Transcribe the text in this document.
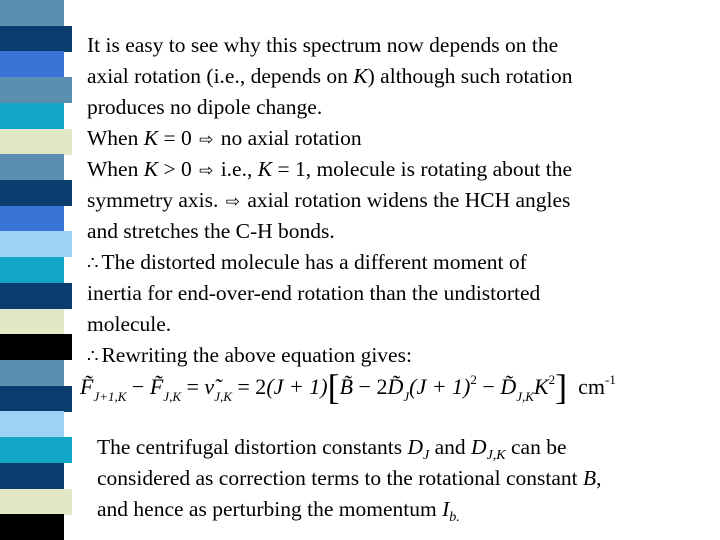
It is easy to see why this spectrum now depends on the
axial rotation (i.e., depends on K) although such rotation
produces no dipole change.
When K = 0 ⇨ no axial rotation
When K > 0 ⇨ i.e., K = 1, molecule is rotating about the
symmetry axis. ⇨ axial rotation widens the HCH angles
and stretches the C-H bonds.
∴ The distorted molecule has a different moment of
inertia for end-over-end rotation than the undistorted
molecule.
∴ Rewriting the above equation gives:
$F̃_{J+1,K}$ − $F̃_{J,K}$ = $\nũ_{J,K} = 2(J$ + 1)[B̃ − $2D̃_J(J + 1)^2$ − $D̃_{J,K}K^2$] $cm^{-1}$
The centrifugal distortion constants $D_J$ and $D_{J,K}$ can be
considered as correction terms to the rotational constant B,
and hence as perturbing the momentum $I_{b.}$
